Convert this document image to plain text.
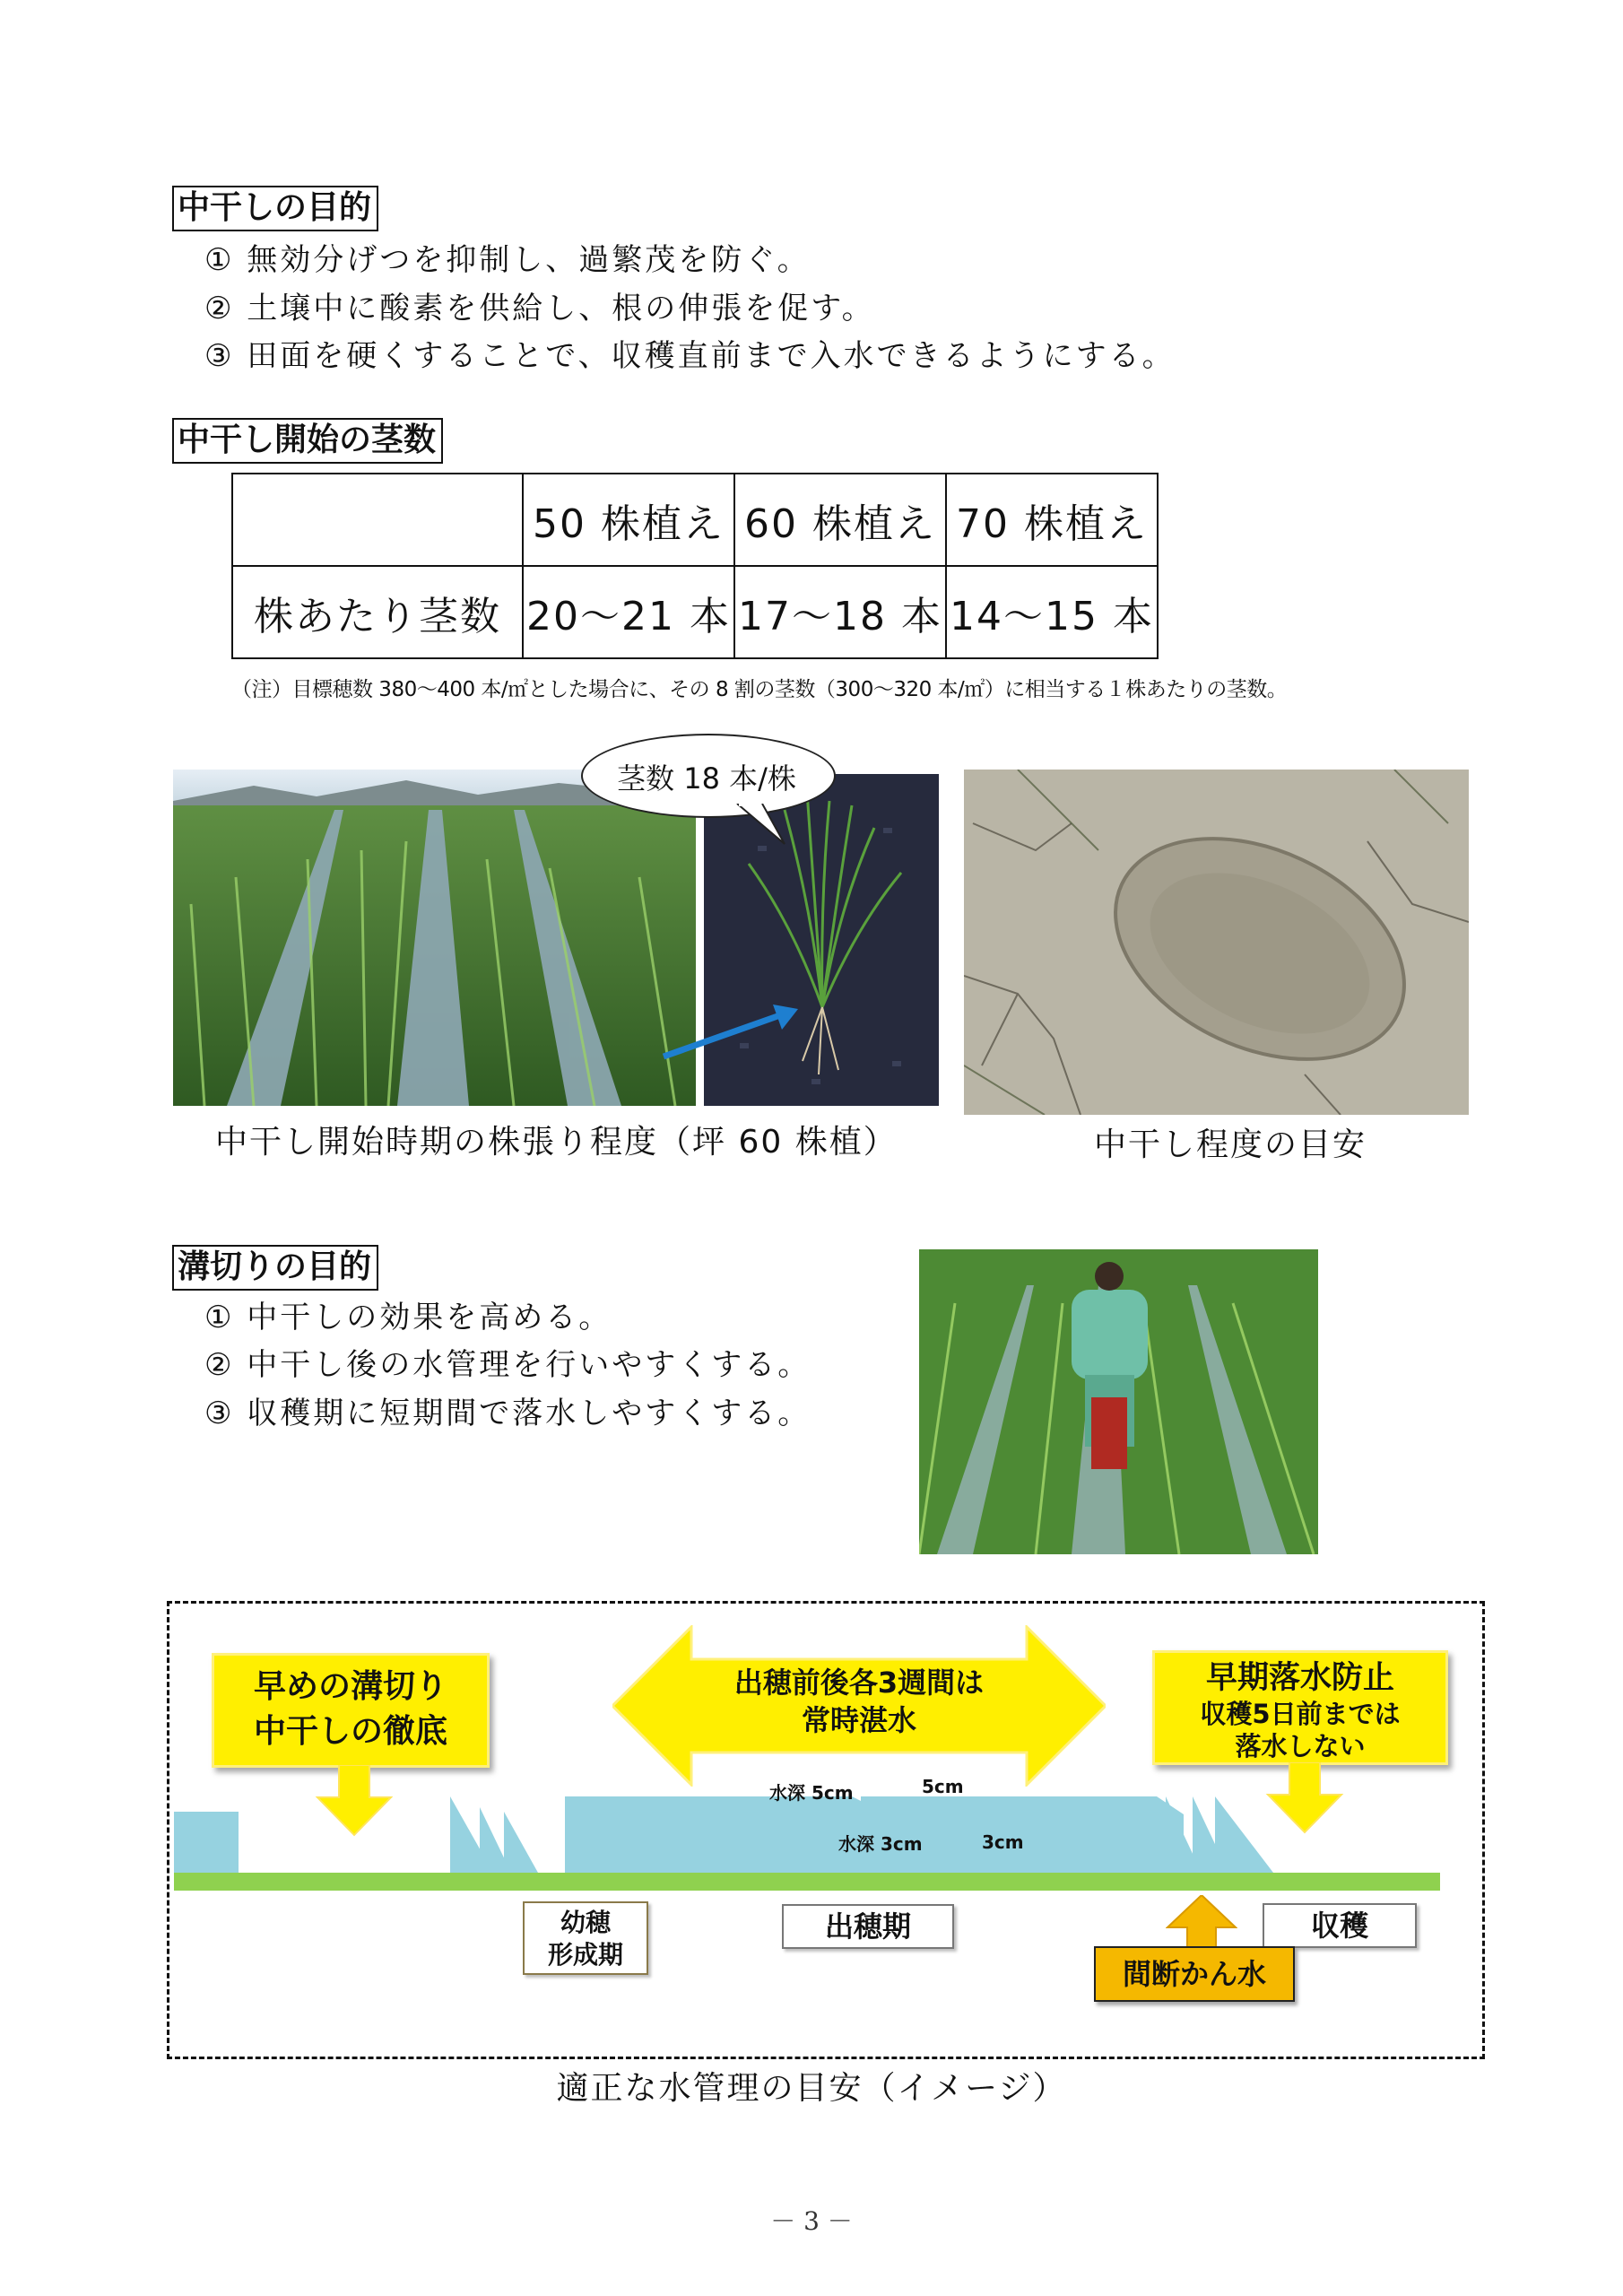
中干しの目的
① 無効分げつを抑制し、過繁茂を防ぐ。
② 土壌中に酸素を供給し、根の伸張を促す。
③ 田面を硬くすることで、収穫直前まで入水できるようにする。
中干し開始の茎数
	50 株植え	60 株植え	70 株植え
株あたり茎数	20～21 本	17～18 本	14～15 本
（注）目標穂数 380～400 本/㎡とした場合に、その 8 割の茎数（300～320 本/㎡）に相当する１株あたりの茎数。
茎数 18 本/株
中干し開始時期の株張り程度（坪 60 株植）	中干し程度の目安
溝切りの目的
① 中干しの効果を高める。
② 中干し後の水管理を行いやすくする。
③ 収穫期に短期間で落水しやすくする。
早めの溝切り
中干しの徹底
出穂前後各3週間は
常時湛水
早期落水防止
収穫5日前までは
落水しない
水深 5cm	5cm
水深 3cm	3cm
幼穂
形成期
出穂期	収穫
間断かん水
適正な水管理の目安（イメージ）
－ 3 －
